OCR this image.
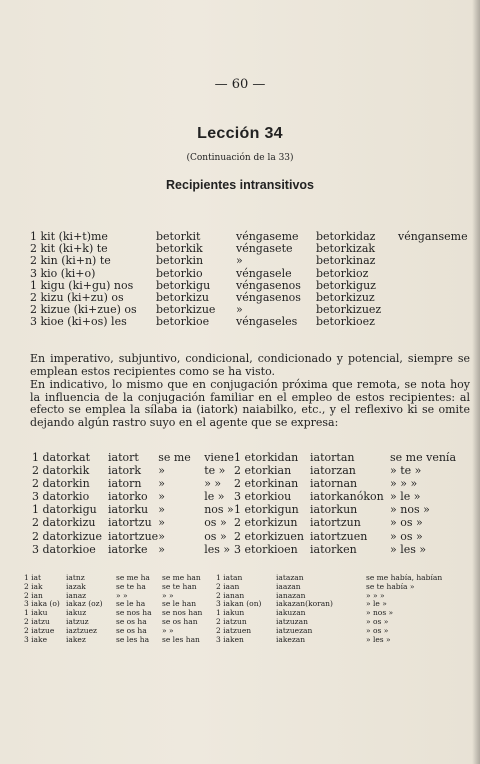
— 60 —
Lección 34
(Continuación de la 33)
Recipientes intransitivos
1 kit (ki+t)me	betorkit	véngaseme	betorkidaz	vénganseme
2 kit (ki+k) te	betorkik	véngasete	betorkizak	
2 kin (ki+n) te	betorkin	»	betorkinaz	
3 kio (ki+o)	betorkio	véngasele	betorkioz	
1 kigu (ki+gu) nos	betorkigu	véngasenos	betorkiguz	
2 kizu (ki+zu) os	betorkizu	véngasenos	betorkizuz	
2 kizue (ki+zue) os	betorkizue	»	betorkizuez	
3 kioe (ki+os) les	betorkioe	véngaseles	betorkioez	
En imperativo, subjuntivo, condicional, condicionado y potencial, siempre se emplean estos recipientes como se ha visto.
En indicativo, lo mismo que en conjugación próxima que remota, se nota hoy la influencia de la conjugación familiar en el empleo de estos recipientes: al efecto se emplea la sílaba ia (iatork) naiabilko, etc., y el reflexivo ki se omite dejando algún rastro suyo en el agente que se expresa:
1 datorkat	iatort	se me	viene	1 etorkidan	iatortan	se me venía
2 datorkik	iatork	»	te »	2 etorkian	iatorzan	» te »
2 datorkin	iatorn	»	» »	2 etorkinan	iatornan	» » »
3 datorkio	iatorko	»	le »	3 etorkiou	iatorkanókon	» le »
1 datorkigu	iatorku	»	nos »	1 etorkigun	iatorkun	» nos »
2 datorkizu	iatortzu	»	os »	2 etorkizun	iatortzun	» os »
2 datorkizue	iatortzue	»	os »	2 etorkizuen	iatortzuen	» os »
3 datorkioe	iatorke	»	les »	3 etorkioen	iatorken	» les »
1 iat	iatnz	se me ha	se me han	1 iatan	iatazan	se me había, habían
2 iak	iazak	se te ha	se te han	2 iaan	iaazan	se te había »
2 ian	ianaz	» »	» »	2 ianan	ianazan	» » »
3 iaka (o)	iakaz (oz)	se le ha	se le han	3 iakan (on)	iakazan(koran)	» le »
1 iaku	iakuz	se nos ha	se nos han	1 iakun	iakuzan	» nos »
2 iatzu	iatzuz	se os ha	se os han	2 iatzun	iatzuzan	» os »
2 iatzue	iaztzuez	se os ha	» »	2 iatzuen	iatzuezan	» os »
3 iake	iakez	se les ha	se les han	3 iaken	iakezan	» les »
